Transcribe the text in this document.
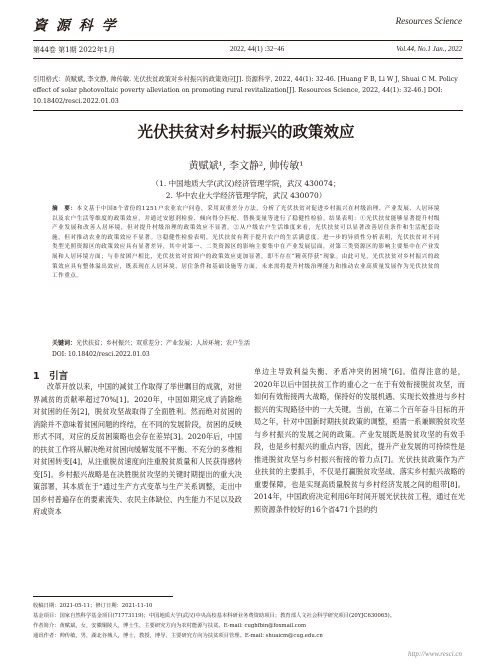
資 源 科 学	Resources Science
第44卷 第1期 2022年1月	2022, 44(1) :32−46	Vol.44, No.1 Jan., 2022
引用格式：黄赋斌, 李文静, 帅传敏. 光伏扶贫政策对乡村振兴的政策效应[J]. 资源科学, 2022, 44(1): 32-46. [Huang F B, Li W J, Shuai C M. Policy effect of solar photovoltaic poverty alleviation on promoting rural revitalization[J]. Resources Science, 2022, 44(1): 32-46.] DOI: 10.18402/resci.2022.01.03
光伏扶贫对乡村振兴的政策效应
黄赋斌¹, 李文静², 帅传敏¹
（1. 中国地质大学(武汉)经济管理学院，武汉 430074；
2. 华中农业大学经济管理学院，武汉 430070）
摘　要：本文基于中国8个省份的1251户农业农户问卷，采用双重差分方法，分析了光伏扶贫对促进乡村振兴在村级治理、产业发展、人居环境以及农户生活等维度的政策效应，并通过安慰剂检验、倾向得分匹配、替换变量等进行了稳健性检验。结果表明：①光伏扶贫能够显著提升村级产业发展和改善人居环境，但对提升村级治理的政策效应不显著。②从户级农户生活维度来看，光伏扶贫可以显著改善居住条件和生活配套设施，但对推动农业的政策效应不显著。③稳健性检验表明，光伏扶贫有利于提升农户的生活满意度。进一步的异质性分析表明，光伏扶贫对不同类型光照资源区的政策效应具有显著差异，其中对第一、二类资源区的影响主要集中在产业发展层面，对第三类资源区的影响主要集中在产业发展和人居环境方面；与非贫困户相比，光伏扶贫对贫困户的政策效应更加显著，即不存在“精英俘获”现象。由此可见，光伏扶贫对乡村振兴的政策效应具有整体溢出效应，既表现在人居环境、居住条件和基础设施等方面，未来需将提升村级治理能力和推动农业高质量发展作为光伏扶贫的工作重点。
关键词：光伏扶贫；乡村振兴；双重差分；产业发展；人居环境；农户生活
DOI: 10.18402/resci.2022.01.03
1　引言
改革开放以来，中国的减贫工作取得了举世瞩目的成就，对世界减贫的贡献率超过70%[1]。2020年，中国如期完成了消除绝对贫困的任务[2]，脱贫攻坚战取得了全面胜利。然而绝对贫困的消除并不意味着贫困问题的终结，在不同的发展阶段，贫困的反映形式不同，对应的反贫困策略也会存在差异[3]。2020年后，中国的扶贫工作将从解决绝对贫困向缓解发展不平衡、不充分的多维相对贫困转变[4]，从注重脱贫速度向注重脱贫质量和人民获得感转变[5]。乡村振兴战略是在决胜脱贫攻坚的关键时期提出的重大决策部署，其本质在于“通过生产方式变革与生产关系调整，走出中国乡村普遍存在的要素流失、农民主体缺位、内生能力不足以及政府或资本
单边主导致利益失衡、矛盾冲突的困境”[6]。值得注意的是，2020年以后中国扶贫工作的重心之一在于有效衔接脱贫攻坚，而如何有效衔接两大战略，保持好的发展机遇、实现长效推进与乡村振兴的实现路径中的一大关键。当前，在第二个百年奋斗目标的开局之年，针对中国新时期扶贫政策的调整，亟需一系兼顾脱贫攻坚与乡村振兴的发展之间的政策。产业发展既是脱贫攻坚的有效手段，也是乡村振兴的重点内容，因此，提升产业发展的可持续性是推进脱贫攻坚与乡村振兴衔接的着力点[7]。光伏扶贫政策作为产业扶贫的主要抓手，不仅是打赢脱贫攻坚战、落实乡村振兴战略的重要保障，也是实现高质量脱贫与乡村经济发展之间的组带[8]。2014年，中国政府决定利用6年时间开展光伏扶贫工程，通过在光照资源条件较好的16个省471个县的约
收稿日期：2021-05-11；修订日期：2021-11-10
基金项目：国家自然科学基金项目(71773119)；中国地质大学(武汉)中央高校基本科研业务费资助项目；教育部人文社会科学研究项目(20YJC630065)。
作者简介：黄赋斌，女，安徽铜陵人，博士生，主要研究方向为农村能源与扶贫。E-mail: cughfbin@foxmail.com
通讯作者：帅传敏，男，湖北谷城人，博士，教授，博导，主要研究方向为扶贫项目管理。E-mail: shuaicm@cug.edu.cn
http://www.resci.cn
